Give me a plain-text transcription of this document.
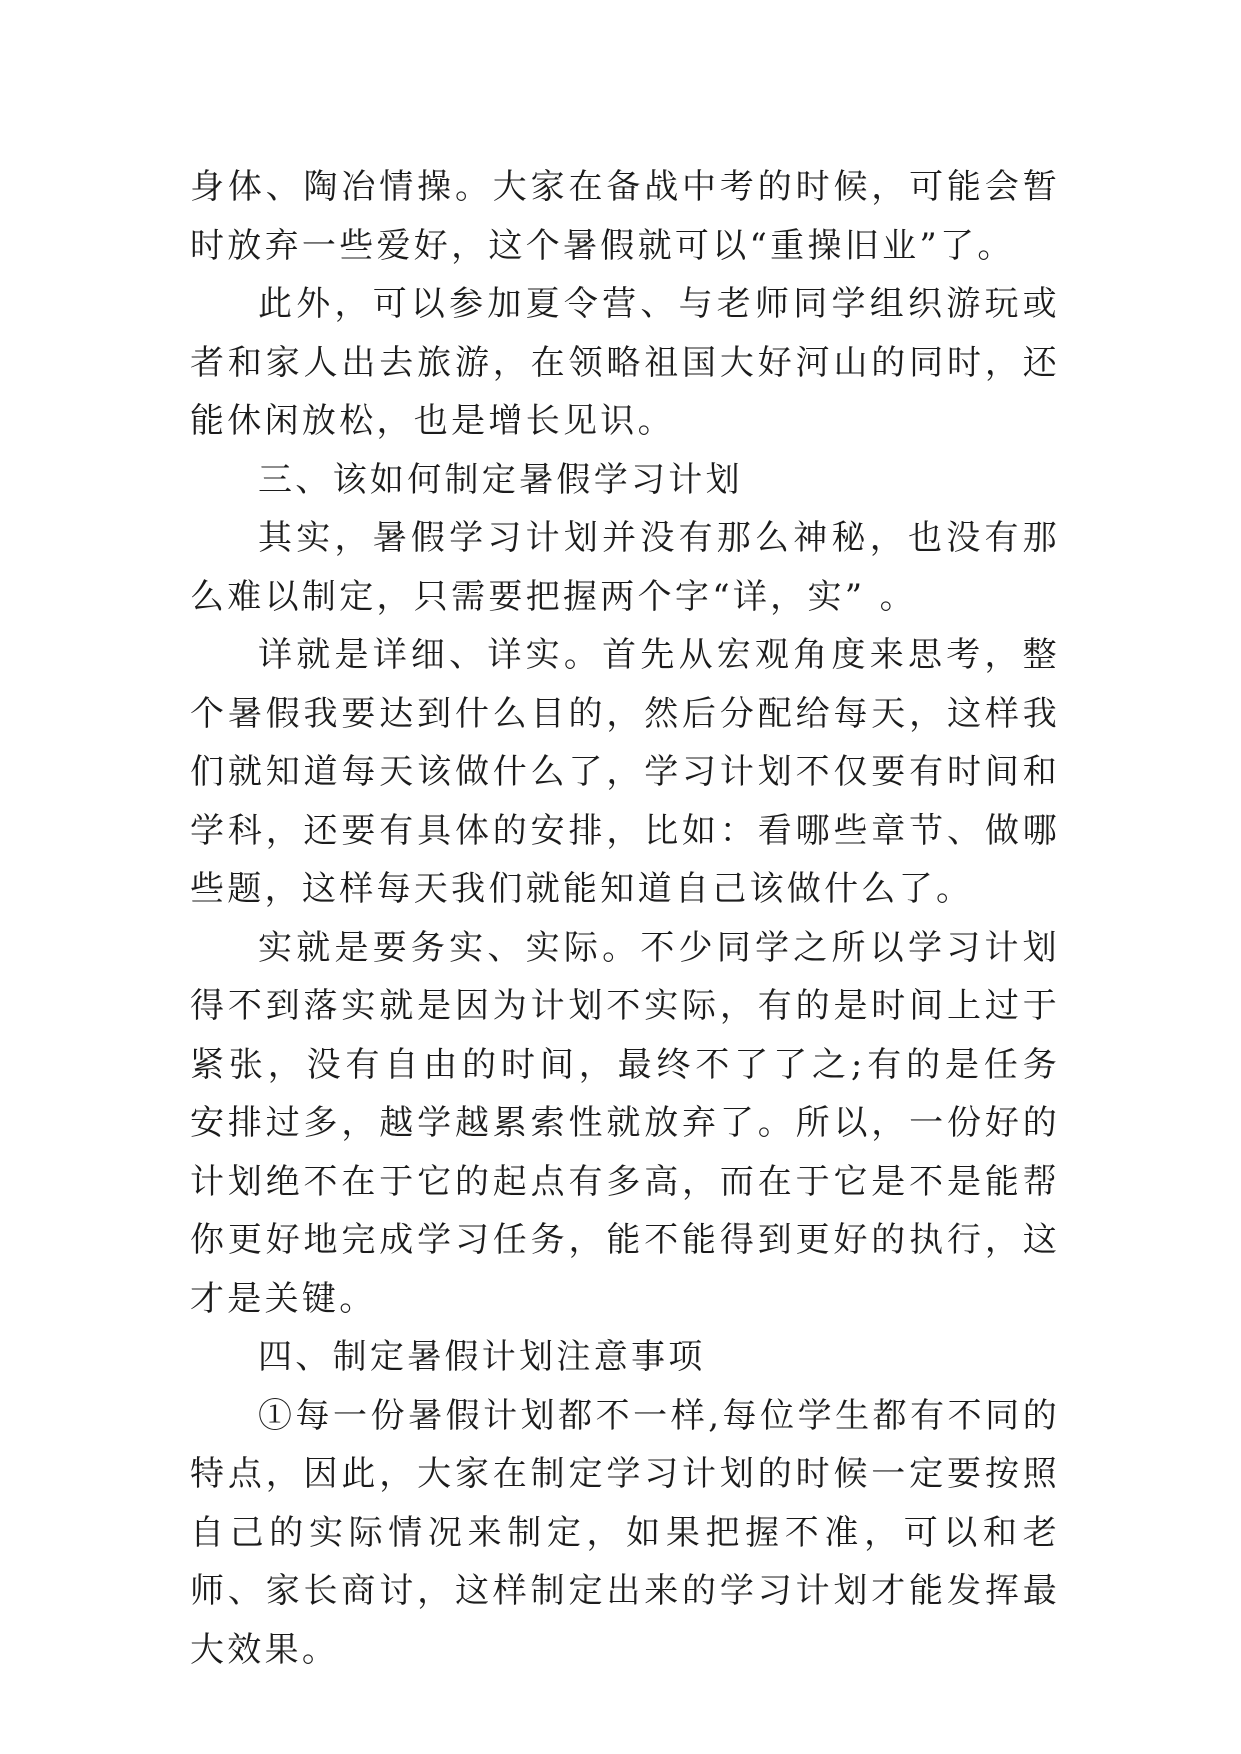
身体、陶冶情操。大家在备战中考的时候，可能会暂时放弃一些爱好，这个暑假就可以“重操旧业”了。

此外，可以参加夏令营、与老师同学组织游玩或者和家人出去旅游，在领略祖国大好河山的同时，还能休闲放松，也是增长见识。

三、该如何制定暑假学习计划

其实，暑假学习计划并没有那么神秘，也没有那么难以制定，只需要把握两个字“详，实” 。

详就是详细、详实。首先从宏观角度来思考，整个暑假我要达到什么目的，然后分配给每天，这样我们就知道每天该做什么了，学习计划不仅要有时间和学科，还要有具体的安排，比如：看哪些章节、做哪些题，这样每天我们就能知道自己该做什么了。

实就是要务实、实际。不少同学之所以学习计划得不到落实就是因为计划不实际，有的是时间上过于紧张，没有自由的时间，最终不了了之;有的是任务安排过多，越学越累索性就放弃了。所以，一份好的计划绝不在于它的起点有多高，而在于它是不是能帮你更好地完成学习任务，能不能得到更好的执行，这才是关键。

四、制定暑假计划注意事项

①每一份暑假计划都不一样,每位学生都有不同的特点，因此，大家在制定学习计划的时候一定要按照自己的实际情况来制定，如果把握不准，可以和老师、家长商讨，这样制定出来的学习计划才能发挥最大效果。
